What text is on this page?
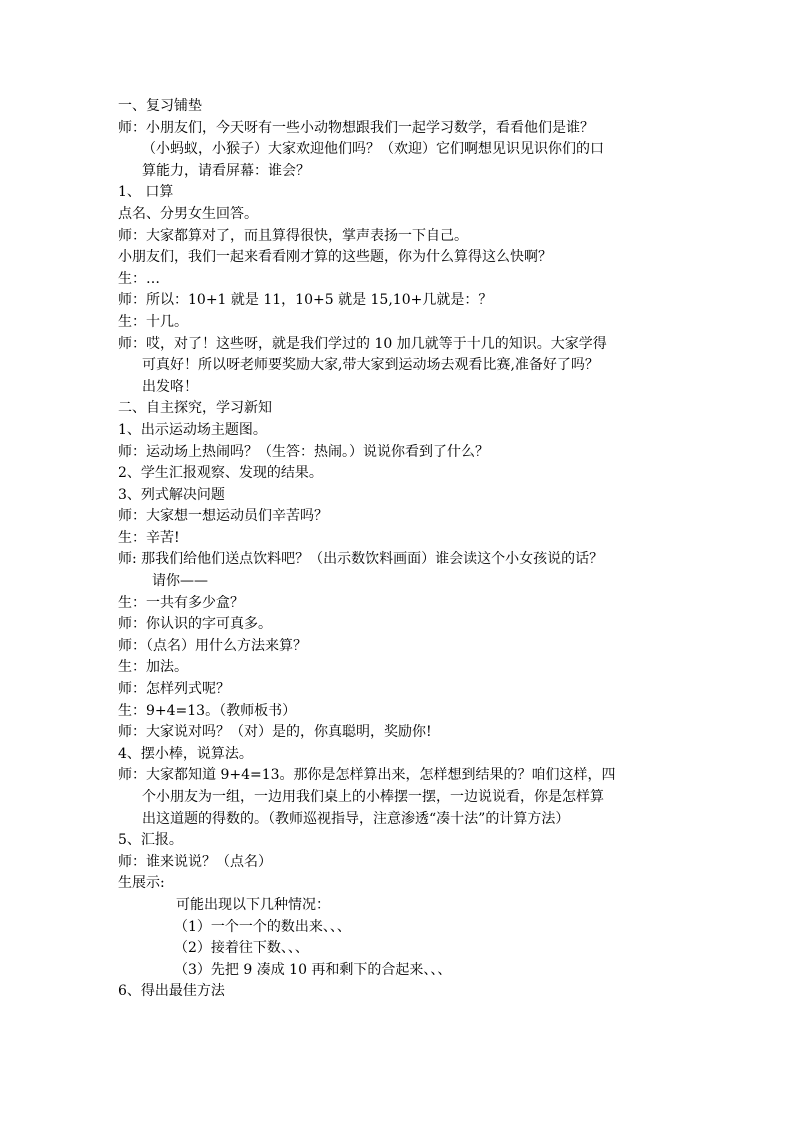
一、复习铺垫
师：小朋友们，今天呀有一些小动物想跟我们一起学习数学，看看他们是谁？
（小蚂蚁，小猴子）大家欢迎他们吗？（欢迎）它们啊想见识见识你们的口
算能力，请看屏幕：谁会？
1、 口算
点名、分男女生回答。
师：大家都算对了，而且算得很快，掌声表扬一下自己。
小朋友们，我们一起来看看刚才算的这些题，你为什么算得这么快啊？
生：…
师：所以：10+1 就是 11，10+5 就是 15,10+几就是：？
生：十几。
师：哎，对了！这些呀，就是我们学过的 10 加几就等于十几的知识。大家学得
可真好！所以呀老师要奖励大家,带大家到运动场去观看比赛,准备好了吗？
出发咯！
二、自主探究，学习新知
1、出示运动场主题图。
师：运动场上热闹吗？（生答：热闹。）说说你看到了什么？
2、学生汇报观察、发现的结果。
3、列式解决问题
师：大家想一想运动员们辛苦吗？
生：辛苦!
师: 那我们给他们送点饮料吧？（出示数饮料画面）谁会读这个小女孩说的话？
请你——
生：一共有多少盒？
师：你认识的字可真多。
师：（点名）用什么方法来算？
生：加法。
师：怎样列式呢？
生：9+4=13。（教师板书）
师：大家说对吗？（对）是的，你真聪明，奖励你!
4、摆小棒，说算法。
师：大家都知道 9+4=13。那你是怎样算出来，怎样想到结果的？咱们这样，四
个小朋友为一组，一边用我们桌上的小棒摆一摆，一边说说看，你是怎样算
出这道题的得数的。（教师巡视指导，注意渗透“凑十法”的计算方法）
5、汇报。
师：谁来说说？（点名）
生展示:
可能出现以下几种情况：
（1）一个一个的数出来、、、
（2）接着往下数、、、
（3）先把 9 凑成 10 再和剩下的合起来、、、
6、得出最佳方法
